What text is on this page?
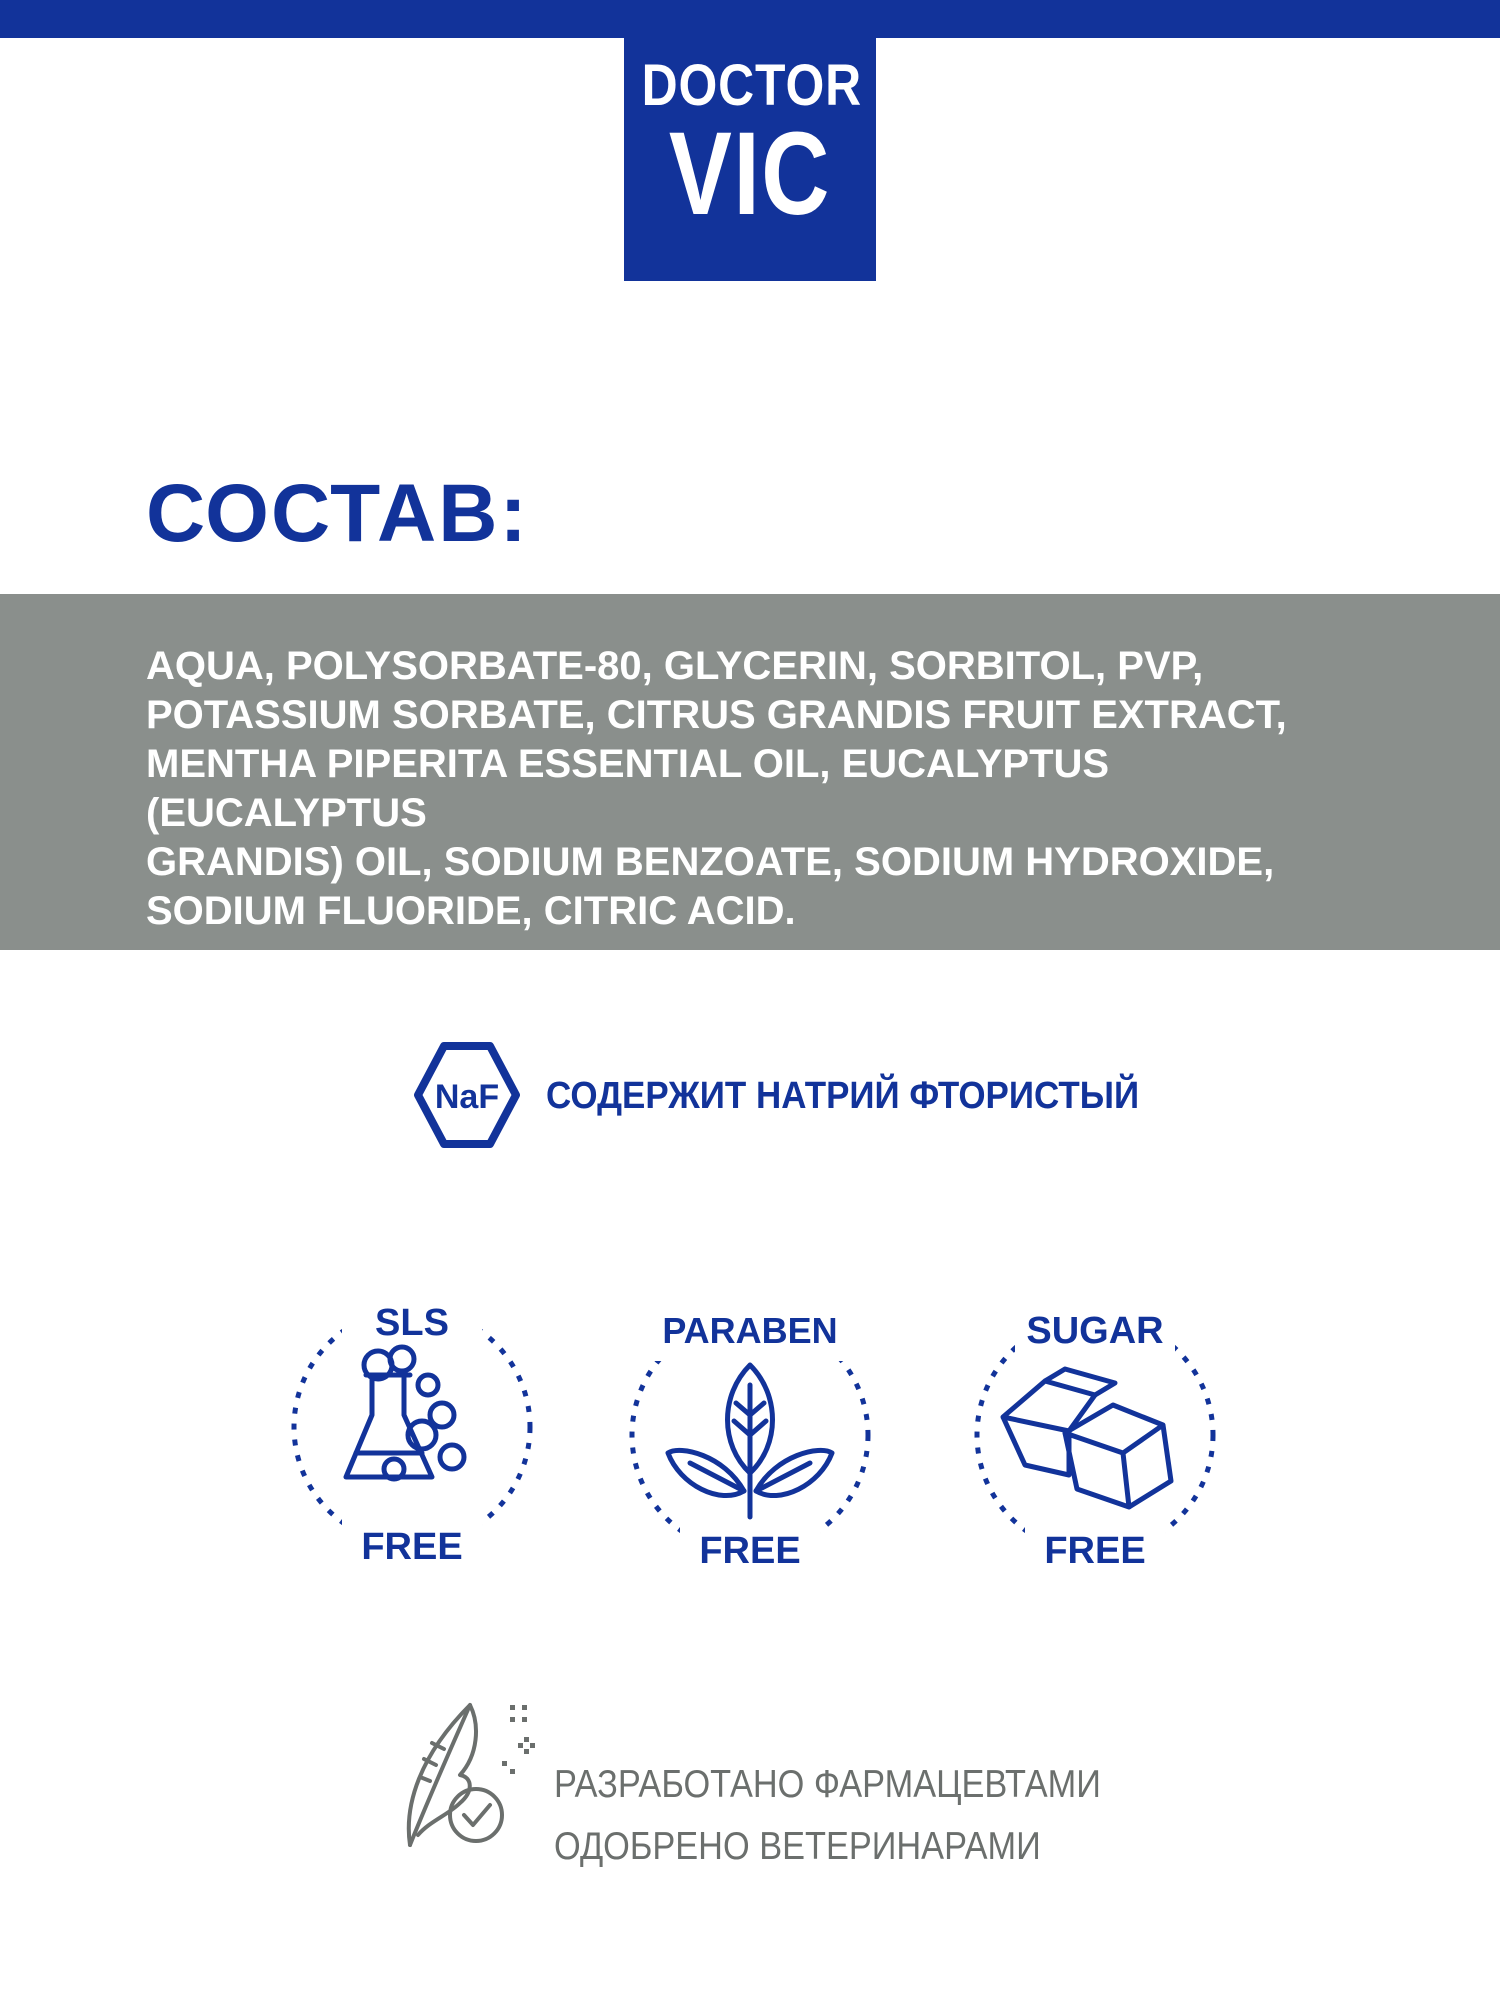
DOCTOR
VIC
СОСТАВ:
AQUA, POLYSORBATE-80, GLYCERIN, SORBITOL, PVP,
POTASSIUM SORBATE, CITRUS GRANDIS FRUIT EXTRACT,
MENTHA PIPERITA ESSENTIAL OIL, EUCALYPTUS (EUCALYPTUS
GRANDIS) OIL, SODIUM BENZOATE, SODIUM HYDROXIDE,
SODIUM FLUORIDE, CITRIC ACID.
NaF СОДЕРЖИТ НАТРИЙ ФТОРИСТЫЙ
SLS
FREE
PARABEN
FREE
SUGAR
FREE
РАЗРАБОТАНО ФАРМАЦЕВТАМИ
ОДОБРЕНО ВЕТЕРИНАРАМИ
